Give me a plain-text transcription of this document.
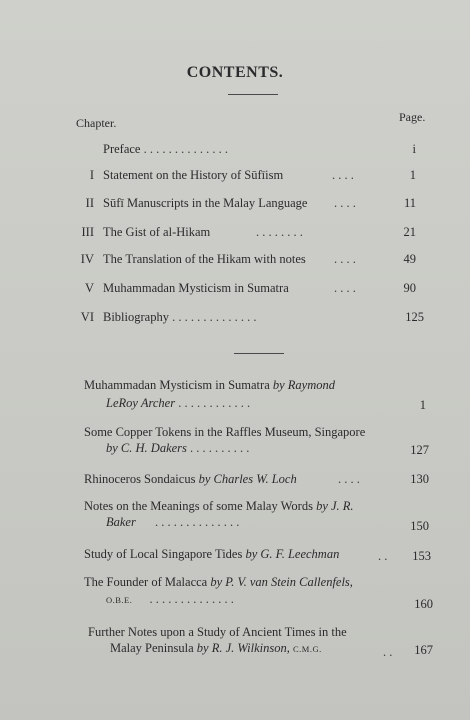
CONTENTS.
Chapter.	Page.
Preface . . . . . . . . . . . . . .	i
I Statement on the History of Sūfīism	. . . .	1
II Sūfī Manuscripts in the Malay Language . . . .	11
III The Gist of al-Hikam	. . . . . . . .	21
IV The Translation of the Hikam with notes . . . .	49
V Muhammadan Mysticism in Sumatra	. . . .	90
VI Bibliography . . . . . . . . . . . . . .	125
Muhammadan Mysticism in Sumatra by Raymond
LeRoy Archer . . . . . . . . . . . .	1
Some Copper Tokens in the Raffles Museum, Singapore
by C. H. Dakers . . . . . . . . . .	127
Rhinoceros Sondaicus by Charles W. Loch	. . . .	130
Notes on the Meanings of some Malay Words by J. R.
Baker . . . . . . . . . . . . . .	150
Study of Local Singapore Tides by G. F. Leechman	. .	153
The Founder of Malacca by P. V. van Stein Callenfels,
O.B.E. . . . . . . . . . . . . . .	160
Further Notes upon a Study of Ancient Times in the
Malay Peninsula by R. J. Wilkinson, C.M.G.	. .	167
